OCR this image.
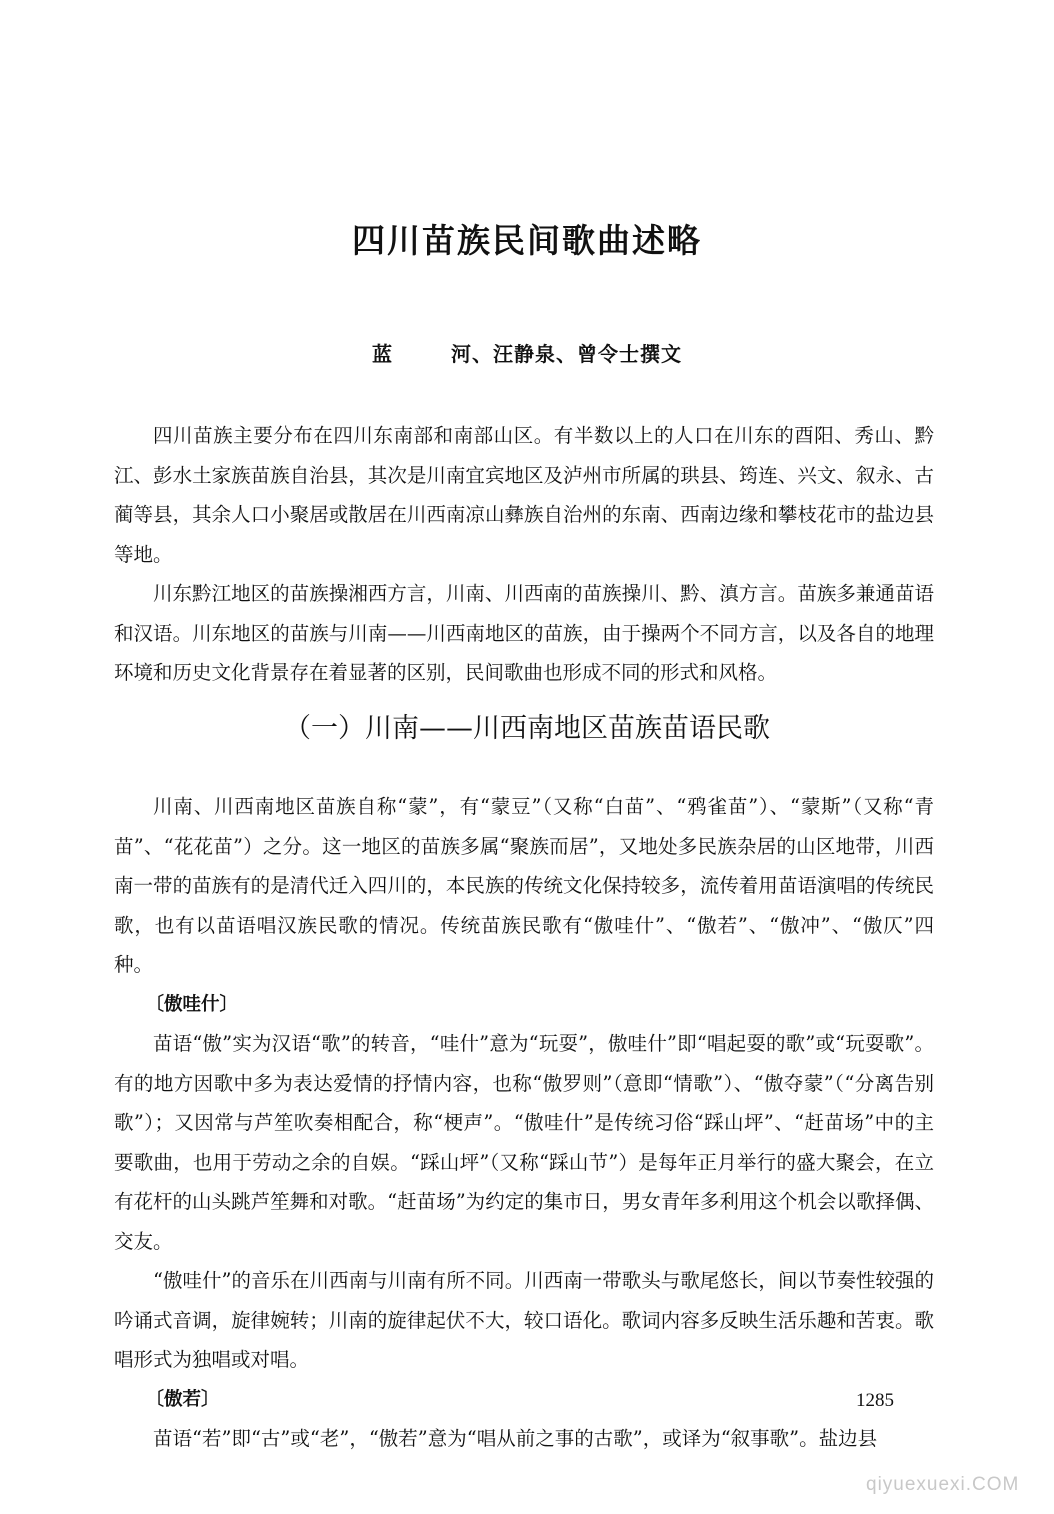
四川苗族民间歌曲述略

蓝 河、汪静泉、曾令士撰文

四川苗族主要分布在四川东南部和南部山区。有半数以上的人口在川东的酉阳、秀山、黔江、彭水土家族苗族自治县，其次是川南宜宾地区及泸州市所属的珙县、筠连、兴文、叙永、古蔺等县，其余人口小聚居或散居在川西南凉山彝族自治州的东南、西南边缘和攀枝花市的盐边县等地。

川东黔江地区的苗族操湘西方言，川南、川西南的苗族操川、黔、滇方言。苗族多兼通苗语和汉语。川东地区的苗族与川南——川西南地区的苗族，由于操两个不同方言，以及各自的地理环境和历史文化背景存在着显著的区别，民间歌曲也形成不同的形式和风格。

（一）川南——川西南地区苗族苗语民歌

川南、川西南地区苗族自称“蒙”，有“蒙豆”（又称“白苗”、“鸦雀苗”）、“蒙斯”（又称“青苗”、“花花苗”）之分。这一地区的苗族多属“聚族而居”，又地处多民族杂居的山区地带，川西南一带的苗族有的是清代迁入四川的，本民族的传统文化保持较多，流传着用苗语演唱的传统民歌，也有以苗语唱汉族民歌的情况。传统苗族民歌有“傲哇什”、“傲若”、“傲冲”、“傲仄”四种。

〔傲哇什〕

苗语“傲”实为汉语“歌”的转音，“哇什”意为“玩耍”，傲哇什”即“唱起耍的歌”或“玩耍歌”。有的地方因歌中多为表达爱情的抒情内容，也称“傲罗则”（意即“情歌”）、“傲夺蒙”（“分离告别歌”）；又因常与芦笙吹奏相配合，称“梗声”。“傲哇什”是传统习俗“踩山坪”、“赶苗场”中的主要歌曲，也用于劳动之余的自娱。“踩山坪”（又称“踩山节”）是每年正月举行的盛大聚会，在立有花杆的山头跳芦笙舞和对歌。“赶苗场”为约定的集市日，男女青年多利用这个机会以歌择偶、交友。

“傲哇什”的音乐在川西南与川南有所不同。川西南一带歌头与歌尾悠长，间以节奏性较强的吟诵式音调，旋律婉转；川南的旋律起伏不大，较口语化。歌词内容多反映生活乐趣和苦衷。歌唱形式为独唱或对唱。

〔傲若〕

苗语“若”即“古”或“老”，“傲若”意为“唱从前之事的古歌”，或译为“叙事歌”。盐边县

1285
qiyuexuexi.COM
